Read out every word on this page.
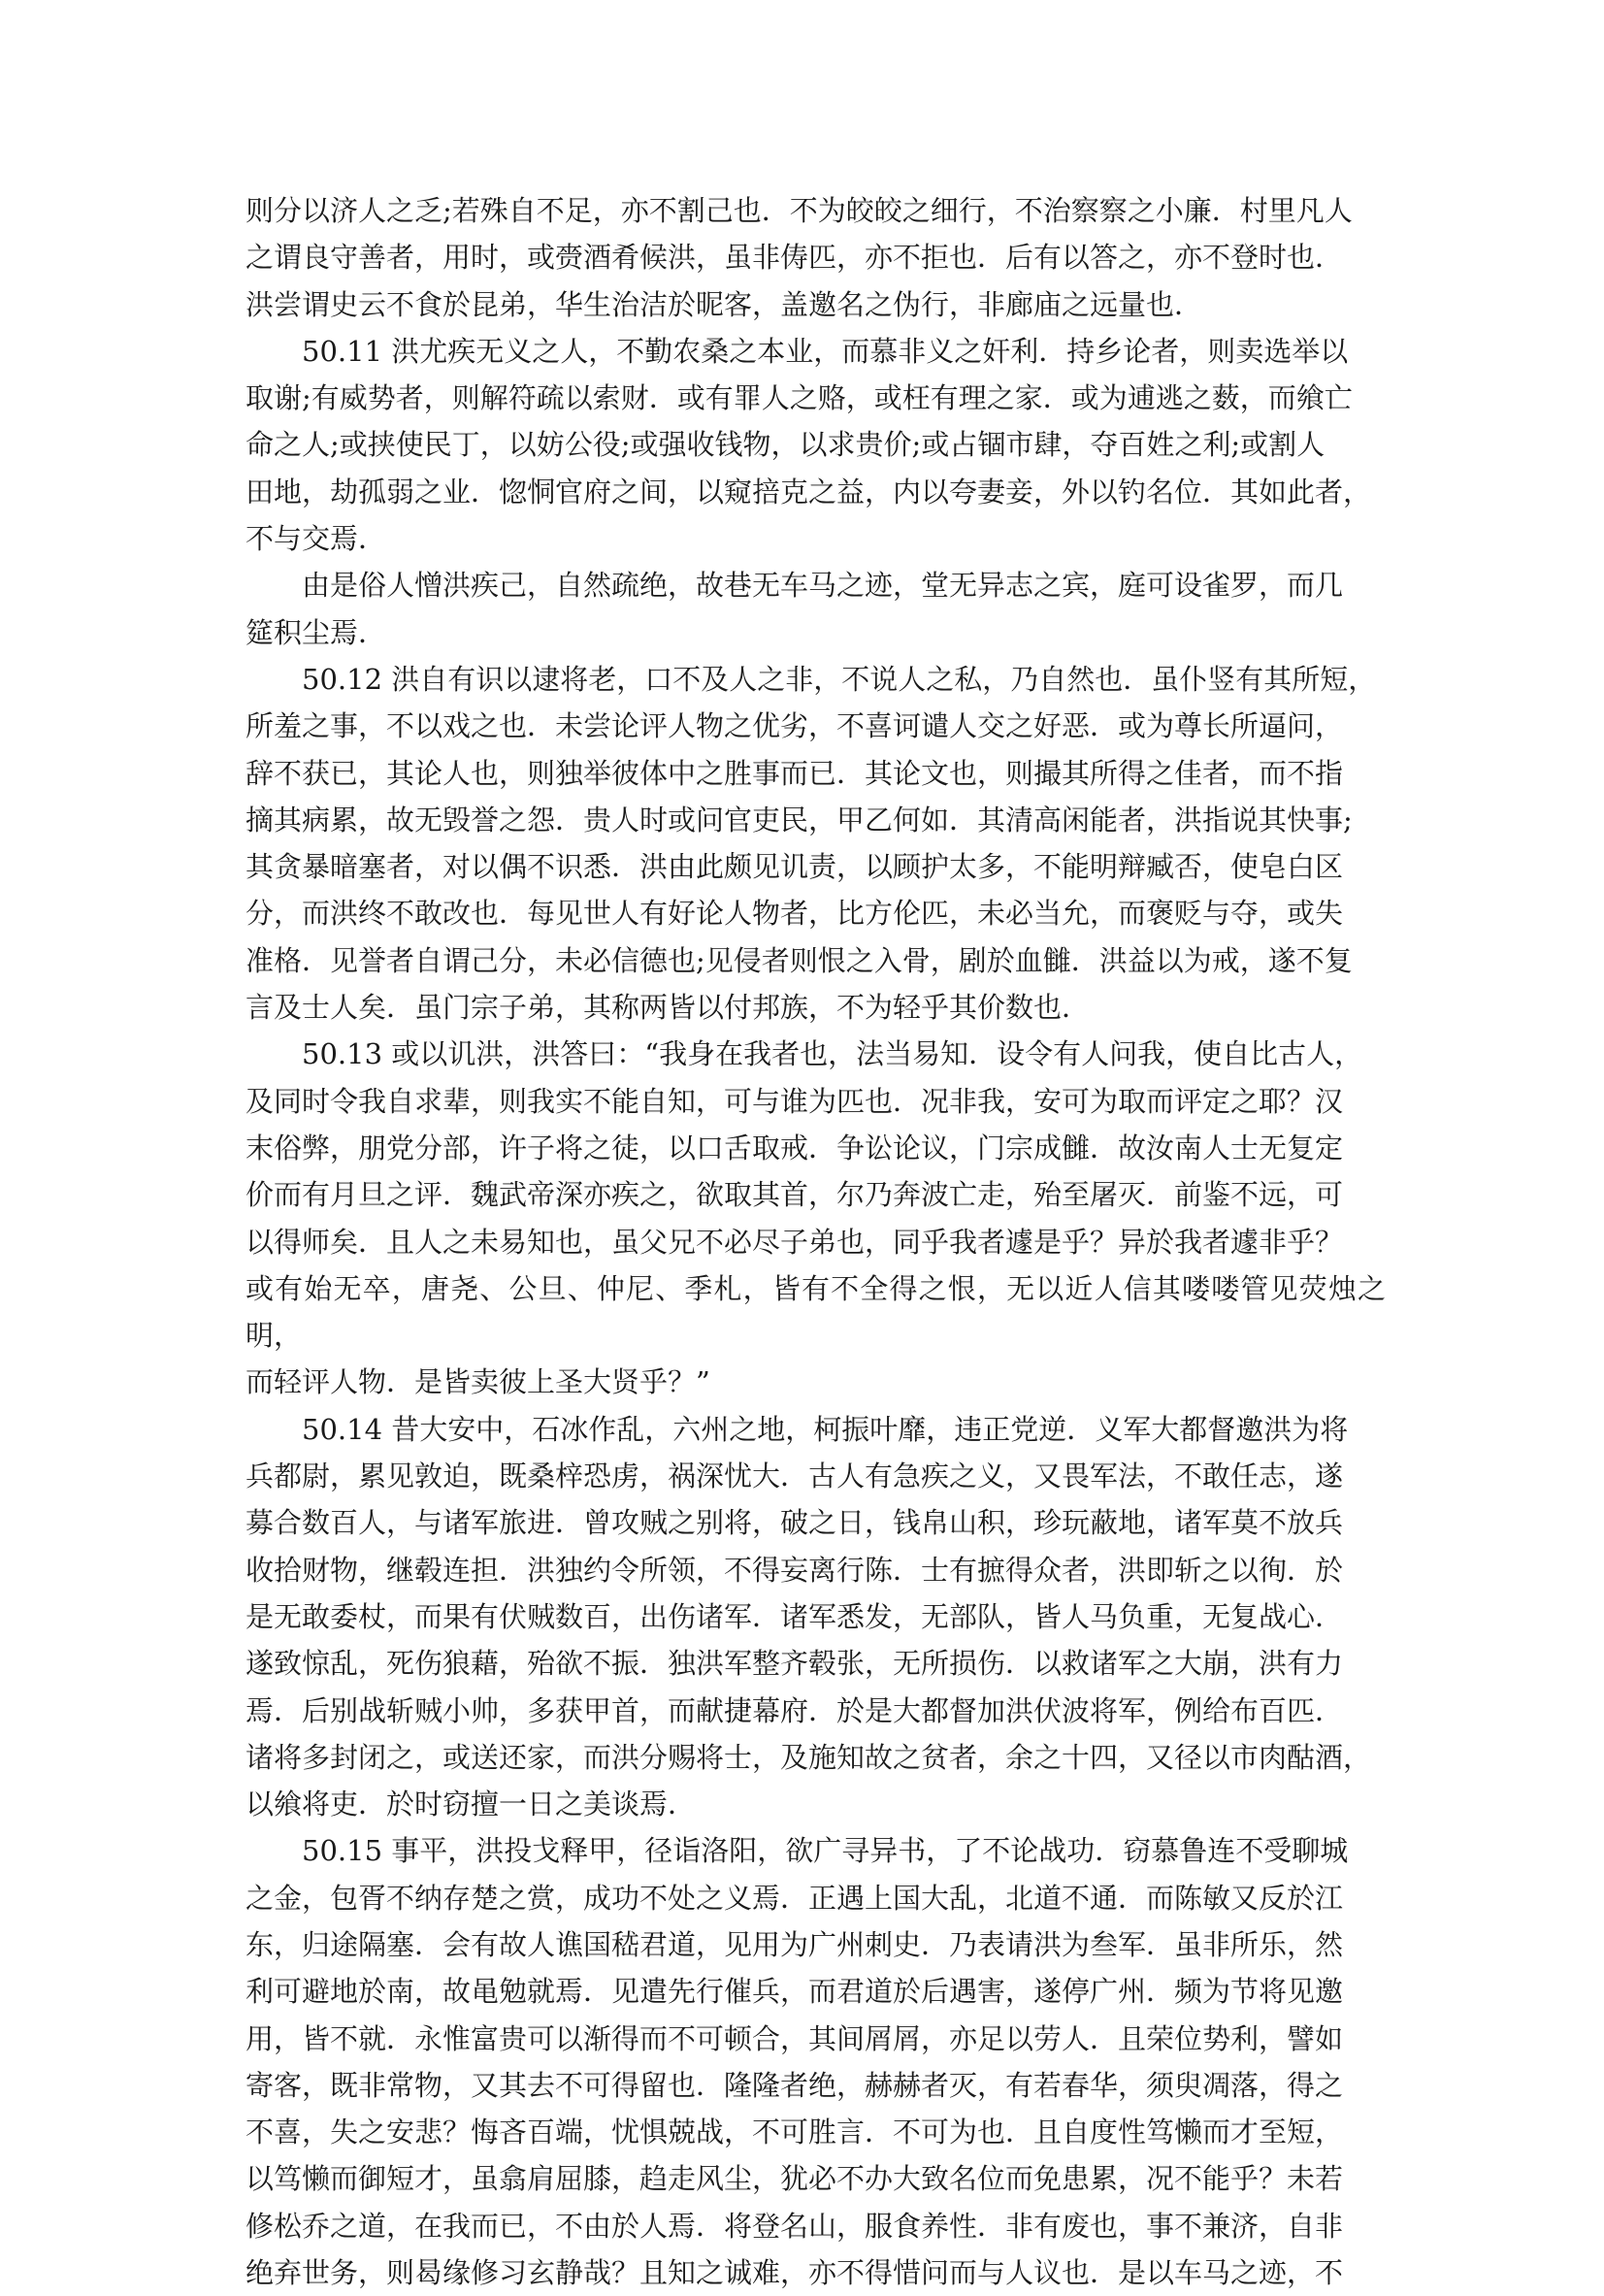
则分以济人之乏;若殊自不足，亦不割己也．不为皎皎之细行，不治察察之小廉．村里凡人
之谓良守善者，用时，或赍酒肴候洪，虽非俦匹，亦不拒也．后有以答之，亦不登时也．
洪尝谓史云不食於昆弟，华生治洁於昵客，盖邀名之伪行，非廊庙之远量也．

50.11 洪尤疾无义之人，不勤农桑之本业，而慕非义之奸利．持乡论者，则卖选举以
取谢;有威势者，则解符疏以索财．或有罪人之赂，或枉有理之家．或为逋逃之薮，而飨亡
命之人;或挟使民丁，以妨公役;或强收钱物，以求贵价;或占锢市肆，夺百姓之利;或割人
田地，劫孤弱之业．惚恫官府之间，以窥掊克之益，内以夸妻妾，外以钓名位．其如此者，
不与交焉．

由是俗人憎洪疾己，自然疏绝，故巷无车马之迹，堂无异志之宾，庭可设雀罗，而几
筵积尘焉．

50.12 洪自有识以逮将老，口不及人之非，不说人之私，乃自然也．虽仆竖有其所短，
所羞之事，不以戏之也．未尝论评人物之优劣，不喜诃谴人交之好恶．或为尊长所逼问，
辞不获已，其论人也，则独举彼体中之胜事而已．其论文也，则撮其所得之佳者，而不指
摘其病累，故无毁誉之怨．贵人时或问官吏民，甲乙何如．其清高闲能者，洪指说其快事;
其贪暴暗塞者，对以偶不识悉．洪由此颇见讥责，以顾护太多，不能明辩臧否，使皂白区
分，而洪终不敢改也．每见世人有好论人物者，比方伦匹，未必当允，而褒贬与夺，或失
准格．见誉者自谓己分，未必信德也;见侵者则恨之入骨，剧於血雠．洪益以为戒，遂不复
言及士人矣．虽门宗子弟，其称两皆以付邦族，不为轻乎其价数也．

50.13 或以讥洪，洪答曰：“我身在我者也，法当易知．设令有人问我，使自比古人，
及同时令我自求辈，则我实不能自知，可与谁为匹也．况非我，安可为取而评定之耶？汉
末俗弊，朋党分部，许子将之徒，以口舌取戒．争讼论议，门宗成雠．故汝南人士无复定
价而有月旦之评．魏武帝深亦疾之，欲取其首，尔乃奔波亡走，殆至屠灭．前鉴不远，可
以得师矣．且人之未易知也，虽父兄不必尽子弟也，同乎我者遽是乎？异於我者遽非乎？
或有始无卒，唐尧、公旦、仲尼、季札，皆有不全得之恨，无以近人信其喽喽管见荧烛之明，
而轻评人物．是皆卖彼上圣大贤乎？”

50.14 昔大安中，石冰作乱，六州之地，柯振叶靡，违正党逆．义军大都督邀洪为将
兵都尉，累见敦迫，既桑梓恐虏，祸深忧大．古人有急疾之义，又畏军法，不敢任志，遂
募合数百人，与诸军旅进．曾攻贼之别将，破之日，钱帛山积，珍玩蔽地，诸军莫不放兵
收拾财物，继毂连担．洪独约令所领，不得妄离行陈．士有摭得众者，洪即斩之以徇．於
是无敢委杖，而果有伏贼数百，出伤诸军．诸军悉发，无部队，皆人马负重，无复战心．
遂致惊乱，死伤狼藉，殆欲不振．独洪军整齐毂张，无所损伤．以救诸军之大崩，洪有力
焉．后别战斩贼小帅，多获甲首，而献捷幕府．於是大都督加洪伏波将军，例给布百匹．
诸将多封闭之，或送还家，而洪分赐将士，及施知故之贫者，余之十四，又径以市肉酤酒，
以飨将吏．於时窃擅一日之美谈焉．

50.15 事平，洪投戈释甲，径诣洛阳，欲广寻异书，了不论战功．窃慕鲁连不受聊城
之金，包胥不纳存楚之赏，成功不处之义焉．正遇上国大乱，北道不通．而陈敏又反於江
东，归途隔塞．会有故人谯国嵇君道，见用为广州刺史．乃表请洪为叁军．虽非所乐，然
利可避地於南，故黾勉就焉．见遣先行催兵，而君道於后遇害，遂停广州．频为节将见邀
用，皆不就．永惟富贵可以渐得而不可顿合，其间屑屑，亦足以劳人．且荣位势利，譬如
寄客，既非常物，又其去不可得留也．隆隆者绝，赫赫者灭，有若春华，须臾凋落，得之
不喜，失之安悲？悔吝百端，忧惧兢战，不可胜言．不可为也．且自度性笃懒而才至短，
以笃懒而御短才，虽翕肩屈膝，趋走风尘，犹必不办大致名位而免患累，况不能乎？未若
修松乔之道，在我而已，不由於人焉．将登名山，服食养性．非有废也，事不兼济，自非
绝弃世务，则曷缘修习玄静哉？且知之诚难，亦不得惜问而与人议也．是以车马之迹，不
